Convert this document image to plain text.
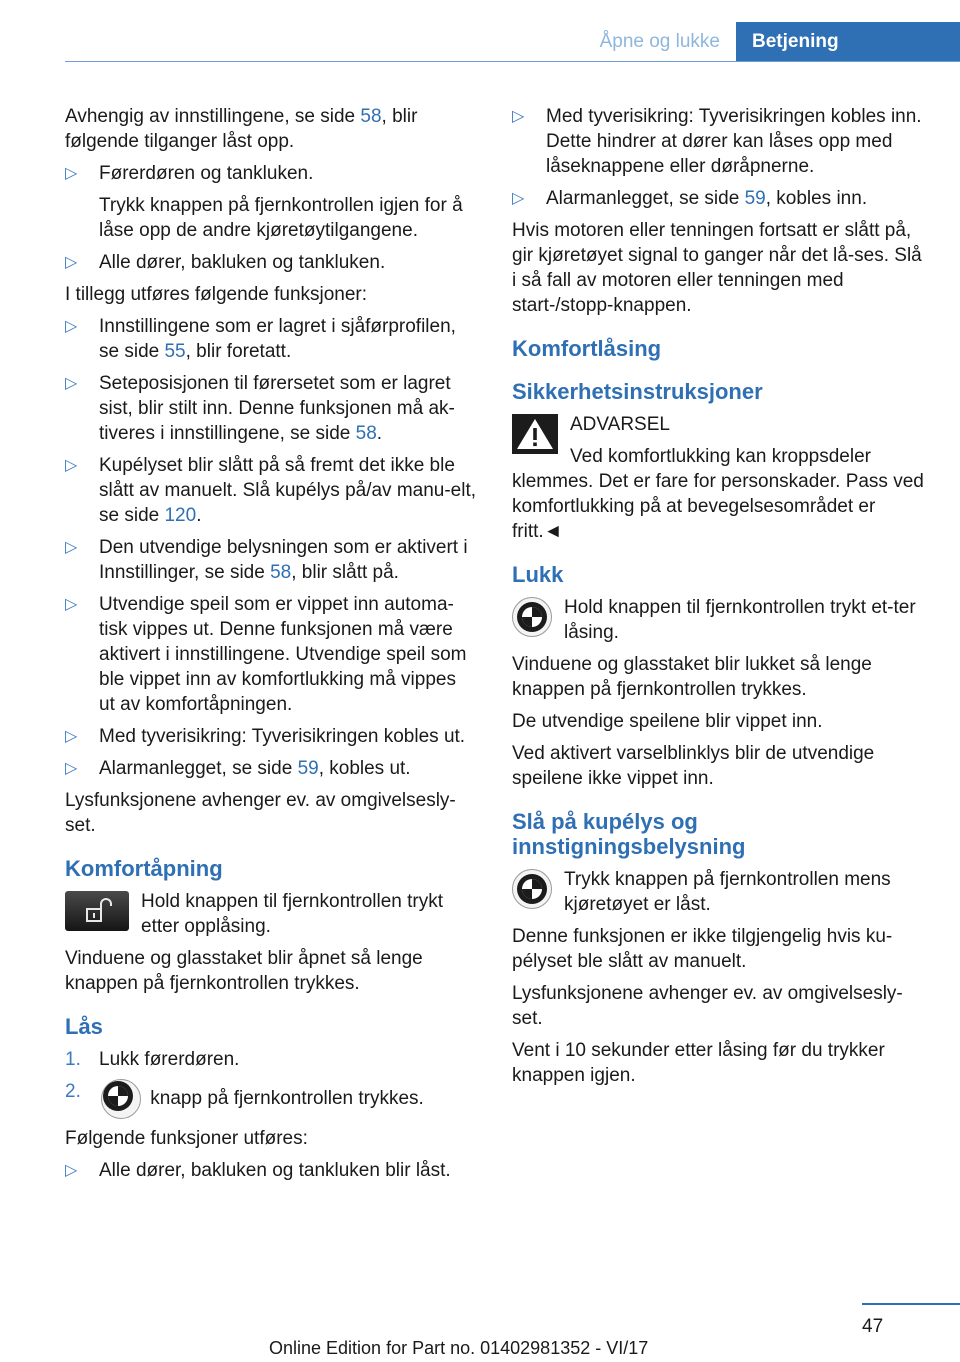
Åpne og lukke	Betjening

Avhengig av innstillingene, se side 58, blir følgende tilganger låst opp.

▷	Førerdøren og tankluken.
Trykk knappen på fjernkontrollen igjen for å låse opp de andre kjøretøytilgangene.
▷	Alle dører, bakluken og tankluken.

I tillegg utføres følgende funksjoner:

▷	Innstillingene som er lagret i sjåførprofilen, se side 55, blir foretatt.
▷	Seteposisjonen til førersetet som er lagret sist, blir stilt inn. Denne funksjonen må ak-tiveres i innstillingene, se side 58.
▷	Kupélyset blir slått på så fremt det ikke ble slått av manuelt. Slå kupélys på/av manu-elt, se side 120.
▷	Den utvendige belysningen som er aktivert i Innstillinger, se side 58, blir slått på.
▷	Utvendige speil som er vippet inn automa-tisk vippes ut. Denne funksjonen må være aktivert i innstillingene. Utvendige speil som ble vippet inn av komfortlukking må vippes ut av komfortåpningen.
▷	Med tyverisikring: Tyverisikringen kobles ut.
▷	Alarmanlegget, se side 59, kobles ut.

Lysfunksjonene avhenger ev. av omgivelsesly-set.

Komfortåpning
Hold knappen til fjernkontrollen trykt etter opplåsing.

Vinduene og glasstaket blir åpnet så lenge knappen på fjernkontrollen trykkes.

Lås
1. Lukk førerdøren.
2.	knapp på fjernkontrollen trykkes.

Følgende funksjoner utføres:

▷	Alle dører, bakluken og tankluken blir låst.
▷	Med tyverisikring: Tyverisikringen kobles inn. Dette hindrer at dører kan låses opp med låseknappene eller døråpnerne.
▷	Alarmanlegget, se side 59, kobles inn.

Hvis motoren eller tenningen fortsatt er slått på, gir kjøretøyet signal to ganger når det lå-ses. Slå i så fall av motoren eller tenningen med start-/stopp-knappen.

Komfortlåsing
Sikkerhetsinstruksjoner
ADVARSEL
Ved komfortlukking kan kroppsdeler klemmes. Det er fare for personskader. Pass ved komfortlukking på at bevegelsesområdet er fritt.◄
Lukk
Hold knappen til fjernkontrollen trykt et-ter låsing.

Vinduene og glasstaket blir lukket så lenge knappen på fjernkontrollen trykkes.

De utvendige speilene blir vippet inn.

Ved aktivert varselblinklys blir de utvendige speilene ikke vippet inn.

Slå på kupélys og innstigningsbelysning
Trykk knappen på fjernkontrollen mens kjøretøyet er låst.

Denne funksjonen er ikke tilgjengelig hvis ku-pélyset ble slått av manuelt.

Lysfunksjonene avhenger ev. av omgivelsesly-set.

Vent i 10 sekunder etter låsing før du trykker knappen igjen.

47
Online Edition for Part no. 01402981352 - VI/17
